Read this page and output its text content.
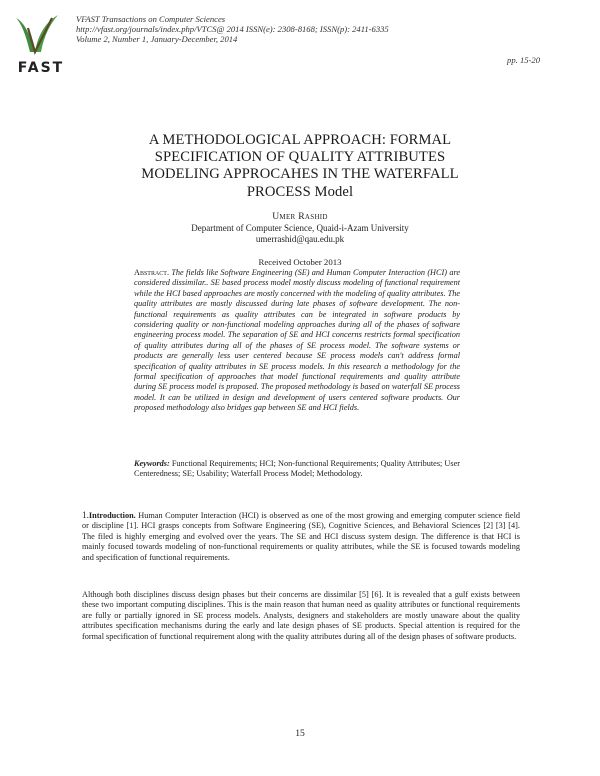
FAST
VFAST Transactions on Computer Sciences
http://vfast.org/journals/index.php/VTCS@ 2014 ISSN(e): 2308-8168; ISSN(p): 2411-6335
Volume 2, Number 1, January-December, 2014
pp. 15-20
A METHODOLOGICAL APPROACH: FORMAL
SPECIFICATION OF QUALITY ATTRIBUTES
MODELING APPROCAHES IN THE WATERFALL
PROCESS Model
Umer Rashid
Department of Computer Science, Quaid-i-Azam University
umerrashid@qau.edu.pk
Received October 2013
Abstract. The fields like Software Engineering (SE) and Human Computer Interaction (HCI) are considered dissimilar.. SE based process model mostly discuss modeling of functional requirement while the HCI based approaches are mostly concerned with the modeling of quality attributes. The quality attributes are mostly discussed during late phases of software development. The non-functional requirements as quality attributes can be integrated in software products by considering quality or non-functional modeling approaches during all of the phases of software engineering process model. The separation of SE and HCI concerns restricts formal specification of quality attributes during all of the phases of SE process model. The software systems or products are generally less user centered because SE process models can't address formal specification of quality attributes in SE process models. In this research a methodology for the formal specification of approaches that model functional requirements and quality attribute during SE process model is proposed. The proposed methodology is based on waterfall SE process model. It can be utilized in design and development of users centered software products. Our proposed methodology also bridges gap between SE and HCI fields.
Keywords: Functional Requirements; HCI; Non-functional Requirements; Quality Attributes; User Centeredness; SE; Usability; Waterfall Process Model; Methodology.
1.Introduction. Human Computer Interaction (HCI) is observed as one of the most growing and emerging computer science field or discipline [1]. HCI grasps concepts from Software Engineering (SE), Cognitive Sciences, and Behavioral Sciences [2] [3] [4]. The filed is highly emerging and evolved over the years. The SE and HCI discuss system design. The difference is that HCI is mainly focused towards modeling of non-functional requirements or quality attributes, while the SE is focused towards modeling and specification of functional requirements.
Although both disciplines discuss design phases but their concerns are dissimilar [5] [6]. It is revealed that a gulf exists between these two important computing disciplines. This is the main reason that human need as quality attributes or functional requirements are fully or partially ignored in SE process models. Analysts, designers and stakeholders are mostly unaware about the quality attributes specification mechanisms during the early and late design phases of SE products. Special attention is required for the formal specification of functional requirement along with the quality attributes during all of the design phases of software products.
15
